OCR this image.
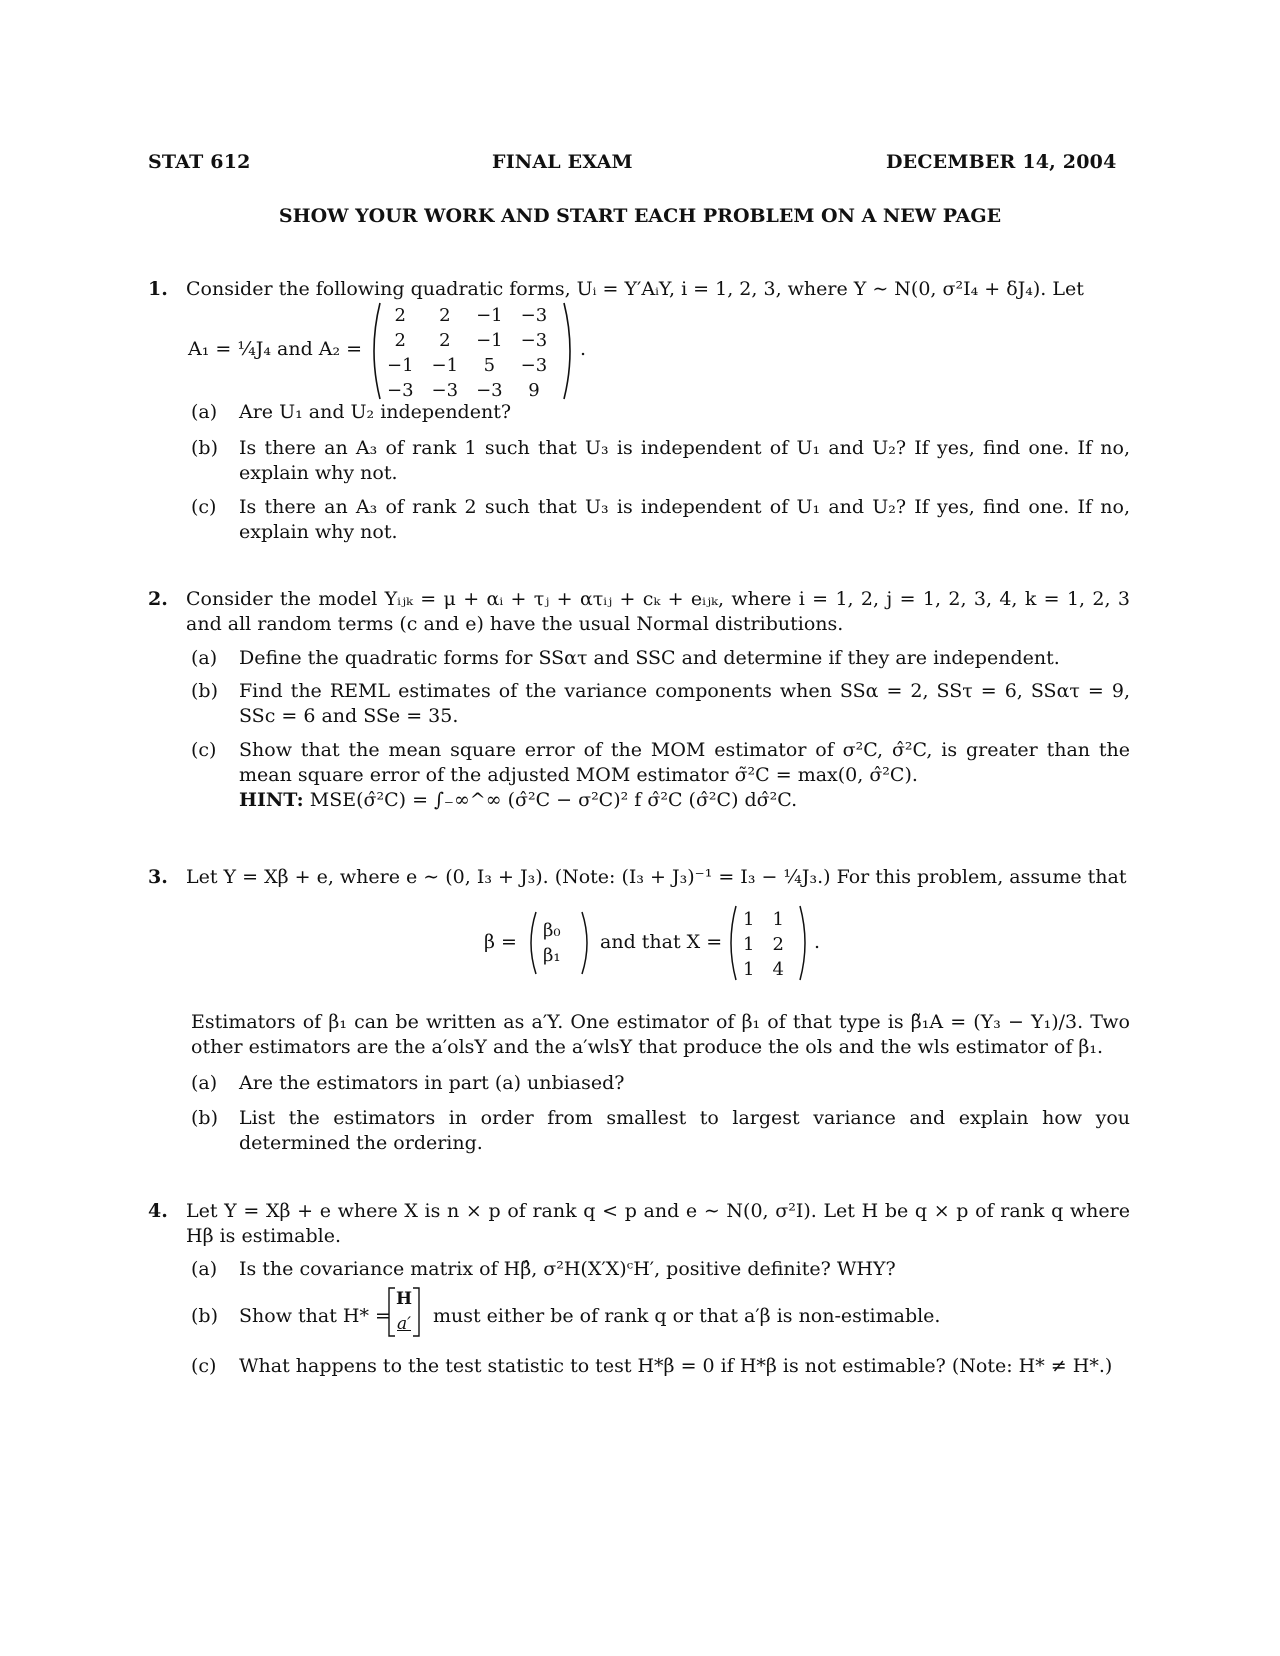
STAT 612	FINAL EXAM	DECEMBER 14, 2004
SHOW YOUR WORK AND START EACH PROBLEM ON A NEW PAGE
1. Consider the following quadratic forms, Uᵢ = Y′AᵢY, i = 1, 2, 3, where Y ∼ N(0, σ²I₄ + δJ₄). Let
A₁ = ¼J₄ and A₂ =
2	2	−1	−3
2	2	−1	−3
−1	−1	5	−3
−3	−3	−3	9
.
(a) Are U₁ and U₂ independent?
(b) Is there an A₃ of rank 1 such that U₃ is independent of U₁ and U₂? If yes, find one. If no, explain why not.
(c) Is there an A₃ of rank 2 such that U₃ is independent of U₁ and U₂? If yes, find one. If no, explain why not.
2. Consider the model Yᵢⱼₖ = μ + αᵢ + τⱼ + ατᵢⱼ + cₖ + eᵢⱼₖ, where i = 1, 2, j = 1, 2, 3, 4, k = 1, 2, 3 and all random terms (c and e) have the usual Normal distributions.
(a) Define the quadratic forms for SSατ and SSC and determine if they are independent.
(b) Find the REML estimates of the variance components when SSα = 2, SSτ = 6, SSατ = 9, SSc = 6 and SSe = 35.
(c) Show that the mean square error of the MOM estimator of σ²C, σ̂²C, is greater than the mean square error of the adjusted MOM estimator σ̃²C = max(0, σ̂²C).
HINT: MSE(σ̂²C) = ∫₋∞^∞ (σ̂²C − σ²C)² f σ̂²C (σ̂²C) dσ̂²C.
3. Let Y = Xβ + e, where e ∼ (0, I₃ + J₃). (Note: (I₃ + J₃)⁻¹ = I₃ − ¼J₃.) For this problem, assume that
β =
β₀
β₁
and that X =
1	1
1	2
1	4
.
Estimators of β₁ can be written as a′Y. One estimator of β₁ of that type is β̃₁A = (Y₃ − Y₁)/3. Two other estimators are the a′olsY and the a′wlsY that produce the ols and the wls estimator of β₁.
(a) Are the estimators in part (a) unbiased?
(b) List the estimators in order from smallest to largest variance and explain how you determined the ordering.
4. Let Y = Xβ + e where X is n × p of rank q < p and e ∼ N(0, σ²I). Let H be q × p of rank q where Hβ is estimable.
(a) Is the covariance matrix of Hβ̂, σ²H(X′X)ᶜH′, positive definite? WHY?
(b) Show that H* =
H
a′	must either be of rank q or that a′β is non-estimable.
(c) What happens to the test statistic to test H*β = 0 if H*β is not estimable? (Note: H* ≠ H*.)
